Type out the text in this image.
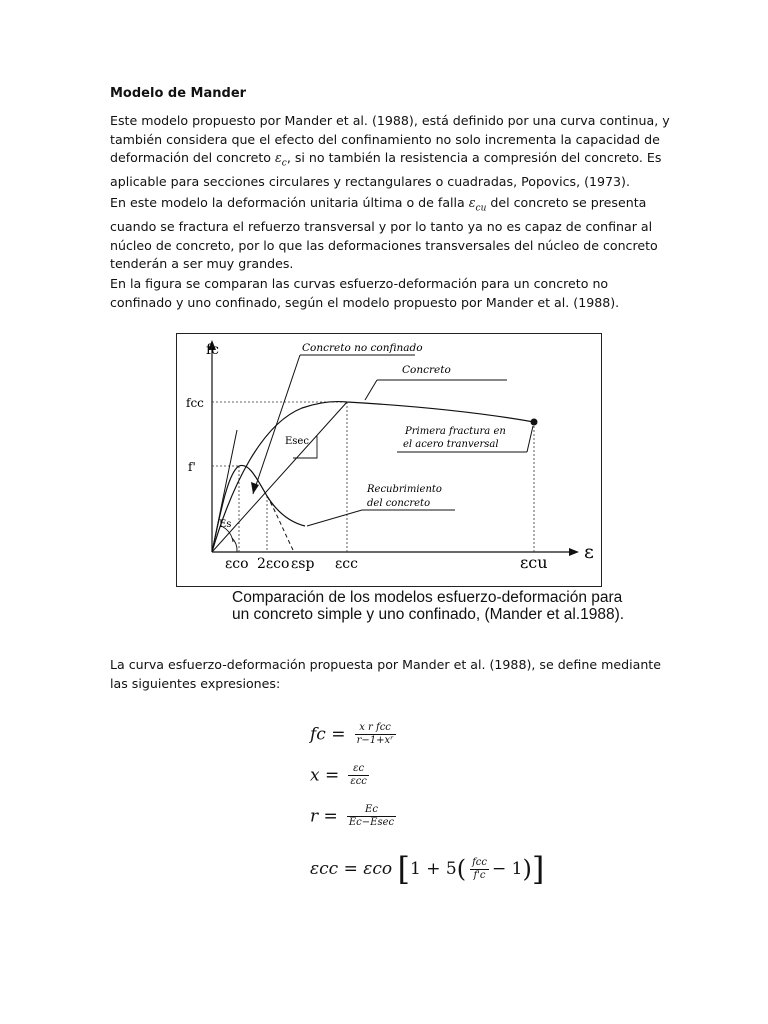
Modelo de Mander
Este modelo propuesto por Mander et al. (1988), está definido por una curva continua, y también considera que el efecto del confinamiento no solo incrementa la capacidad de deformación del concreto $\varepsilon_c$, si no también la resistencia a compresión del concreto. Es aplicable para secciones circulares y rectangulares o cuadradas, Popovics, (1973).
En este modelo la deformación unitaria última o de falla $\varepsilon_{cu}$ del concreto se presenta cuando se fractura el refuerzo transversal y por lo tanto ya no es capaz de confinar al núcleo de concreto, por lo que las deformaciones transversales del núcleo de concreto tenderán a ser muy grandes.
En la figura se comparan las curvas esfuerzo-deformación para un concreto no confinado y uno confinado, según el modelo propuesto por Mander et al. (1988).
fc
ε
fcc
f'
Concreto no confinado
Concreto
Primera fractura en
el acero tranversal
Recubrimiento
del concreto
Esec
Es
εco 2εco εsp εcc	εcu
Comparación de los modelos esfuerzo-deformación para
un concreto simple y uno confinado, (Mander et al.1988).
La curva esfuerzo-deformación propuesta por Mander et al. (1988), se define mediante las siguientes expresiones:
fc = $\frac{\text{x r fcc}}{\text{r−1+xʳ}}$
$x = \frac{\varepsilon c}{\text{εcc}}$
$r = \frac{Ec}{Ec-Esec}$
εcc = εco $[1 + 5( \frac{\text{fcc}}{f'c} - 1)]$
